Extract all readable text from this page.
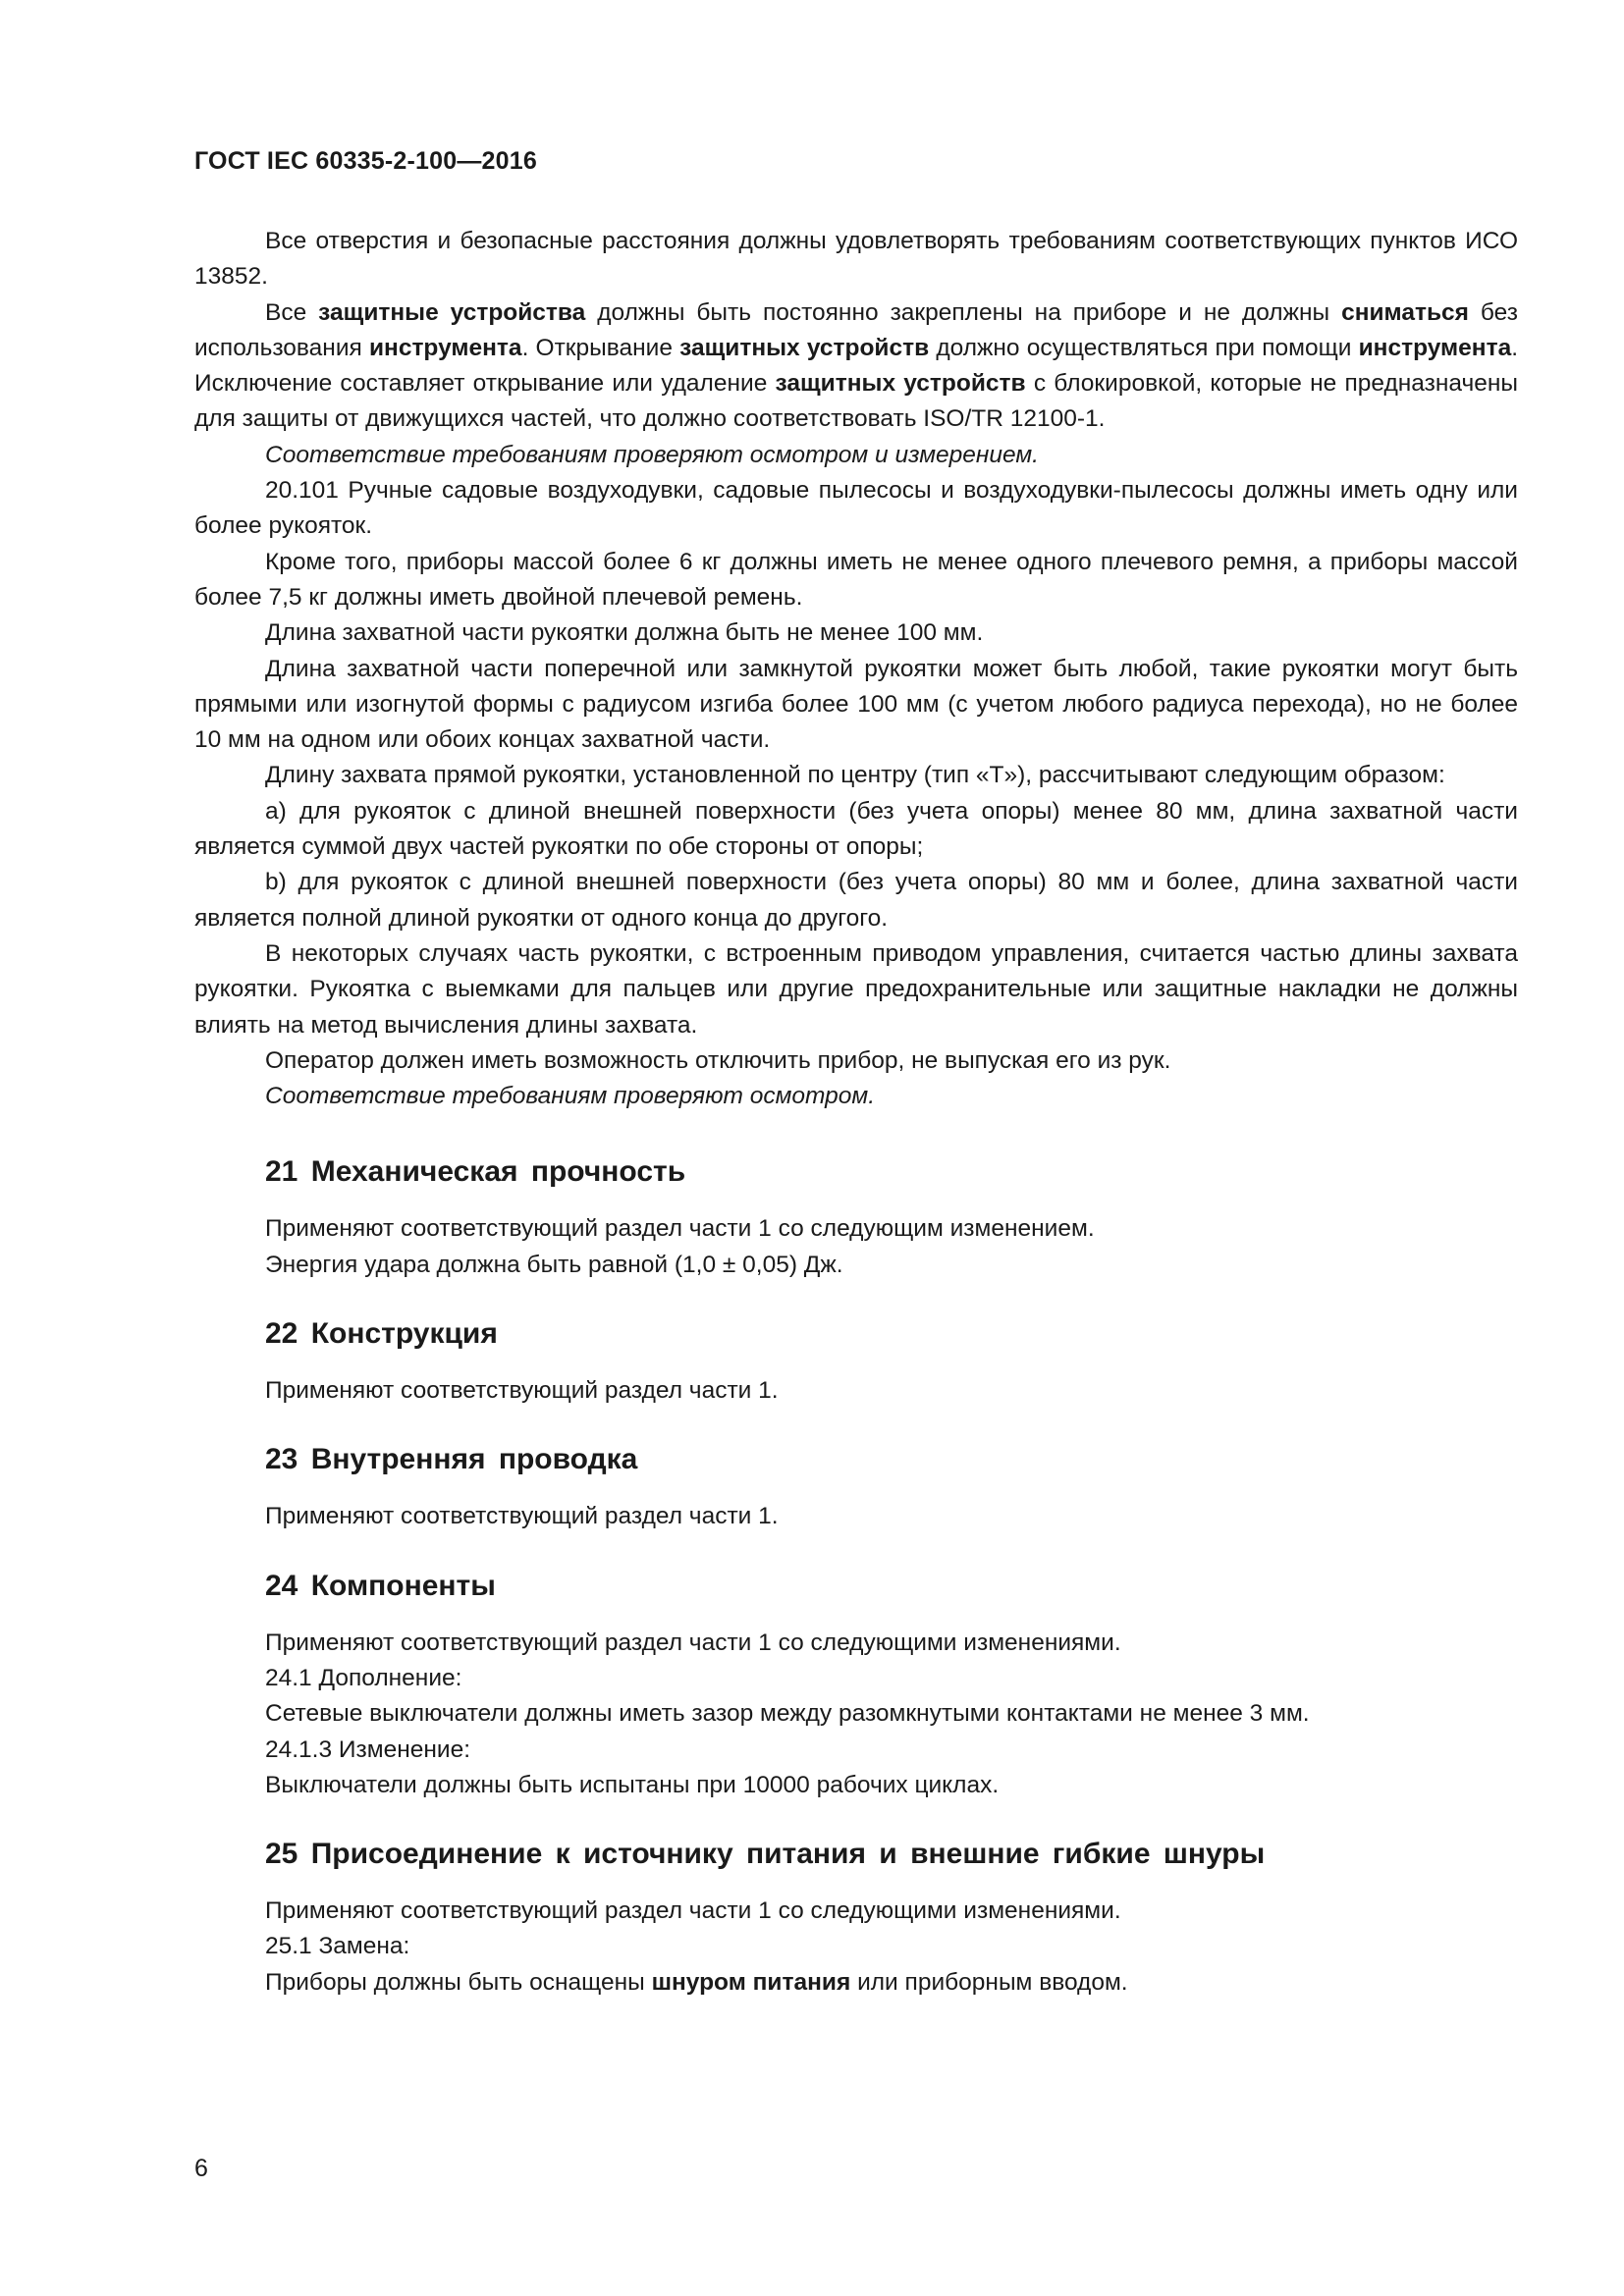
ГОСТ IEC 60335-2-100—2016

Все отверстия и безопасные расстояния должны удовлетворять требованиям соответствующих пунктов ИСО 13852.

Все защитные устройства должны быть постоянно закреплены на приборе и не должны сниматься без использования инструмента. Открывание защитных устройств должно осуществляться при помощи инструмента. Исключение составляет открывание или удаление защитных устройств с блокировкой, которые не предназначены для защиты от движущихся частей, что должно соответствовать ISO/TR 12100-1.

Соответствие требованиям проверяют осмотром и измерением.

20.101 Ручные садовые воздуходувки, садовые пылесосы и воздуходувки-пылесосы должны иметь одну или более рукояток.

Кроме того, приборы массой более 6 кг должны иметь не менее одного плечевого ремня, а приборы массой более 7,5 кг должны иметь двойной плечевой ремень.

Длина захватной части рукоятки должна быть не менее 100 мм.

Длина захватной части поперечной или замкнутой рукоятки может быть любой, такие рукоятки могут быть прямыми или изогнутой формы с радиусом изгиба более 100 мм (с учетом любого радиуса перехода), но не более 10 мм на одном или обоих концах захватной части.

Длину захвата прямой рукоятки, установленной по центру (тип «T»), рассчитывают следующим образом:

a) для рукояток с длиной внешней поверхности (без учета опоры) менее 80 мм, длина захватной части является суммой двух частей рукоятки по обе стороны от опоры;

b) для рукояток с длиной внешней поверхности (без учета опоры) 80 мм и более, длина захватной части является полной длиной рукоятки от одного конца до другого.

В некоторых случаях часть рукоятки, с встроенным приводом управления, считается частью длины захвата рукоятки. Рукоятка с выемками для пальцев или другие предохранительные или защитные накладки не должны влиять на метод вычисления длины захвата.

Оператор должен иметь возможность отключить прибор, не выпуская его из рук.

Соответствие требованиям проверяют осмотром.

21 Механическая прочность

Применяют соответствующий раздел части 1 со следующим изменением.

Энергия удара должна быть равной (1,0 ± 0,05) Дж.

22 Конструкция

Применяют соответствующий раздел части 1.

23 Внутренняя проводка

Применяют соответствующий раздел части 1.

24 Компоненты

Применяют соответствующий раздел части 1 со следующими изменениями.

24.1 Дополнение:

Сетевые выключатели должны иметь зазор между разомкнутыми контактами не менее 3 мм.

24.1.3 Изменение:

Выключатели должны быть испытаны при 10000 рабочих циклах.

25 Присоединение к источнику питания и внешние гибкие шнуры

Применяют соответствующий раздел части 1 со следующими изменениями.

25.1 Замена:

Приборы должны быть оснащены шнуром питания или приборным вводом.

6
